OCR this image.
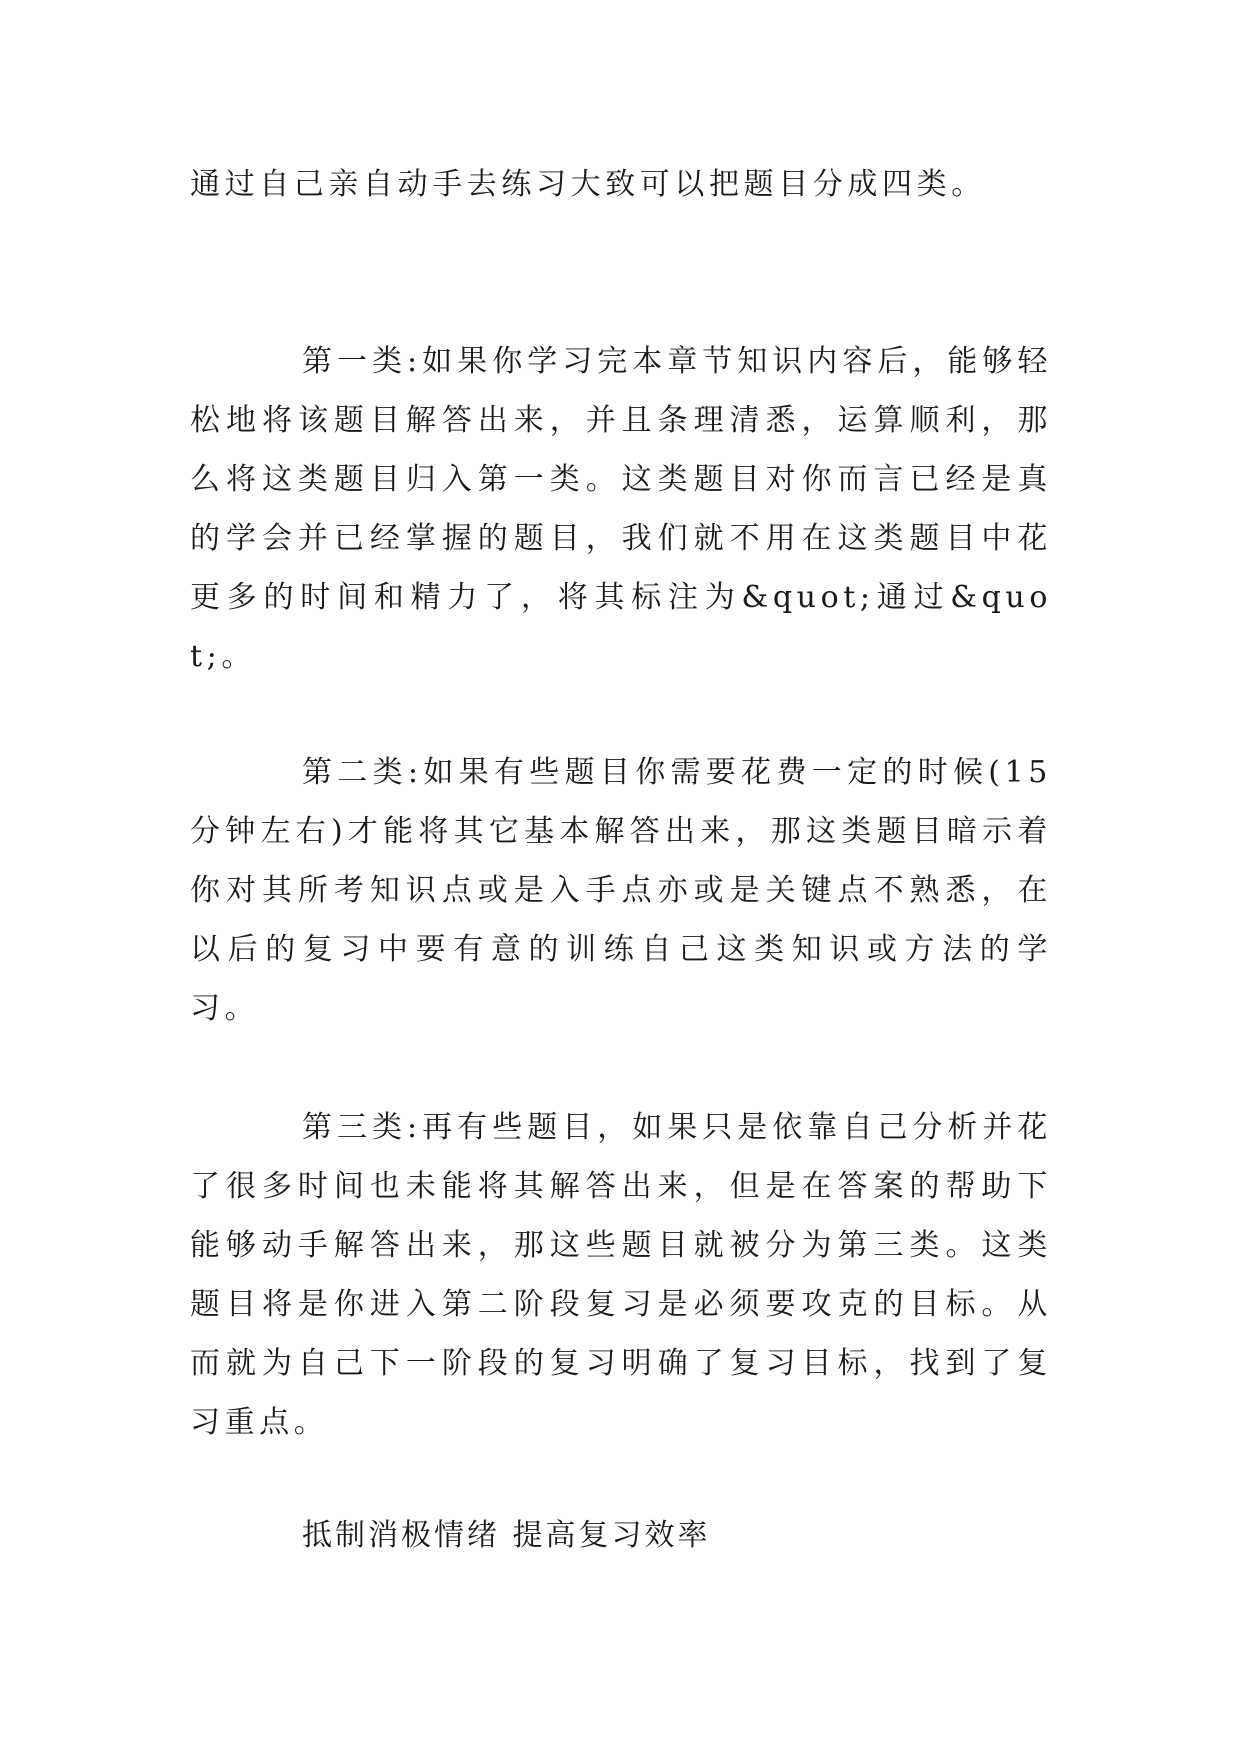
通过自己亲自动手去练习大致可以把题目分成四类。

第一类:如果你学习完本章节知识内容后，能够轻松地将该题目解答出来，并且条理清悉，运算顺利，那么将这类题目归入第一类。这类题目对你而言已经是真的学会并已经掌握的题目，我们就不用在这类题目中花更多的时间和精力了，将其标注为&quot;通过&quot;。

第二类:如果有些题目你需要花费一定的时候(15 分钟左右)才能将其它基本解答出来，那这类题目暗示着你对其所考知识点或是入手点亦或是关键点不熟悉，在以后的复习中要有意的训练自己这类知识或方法的学习。

第三类:再有些题目，如果只是依靠自己分析并花了很多时间也未能将其解答出来，但是在答案的帮助下能够动手解答出来，那这些题目就被分为第三类。这类题目将是你进入第二阶段复习是必须要攻克的目标。从而就为自己下一阶段的复习明确了复习目标，找到了复习重点。

抵制消极情绪 提高复习效率
